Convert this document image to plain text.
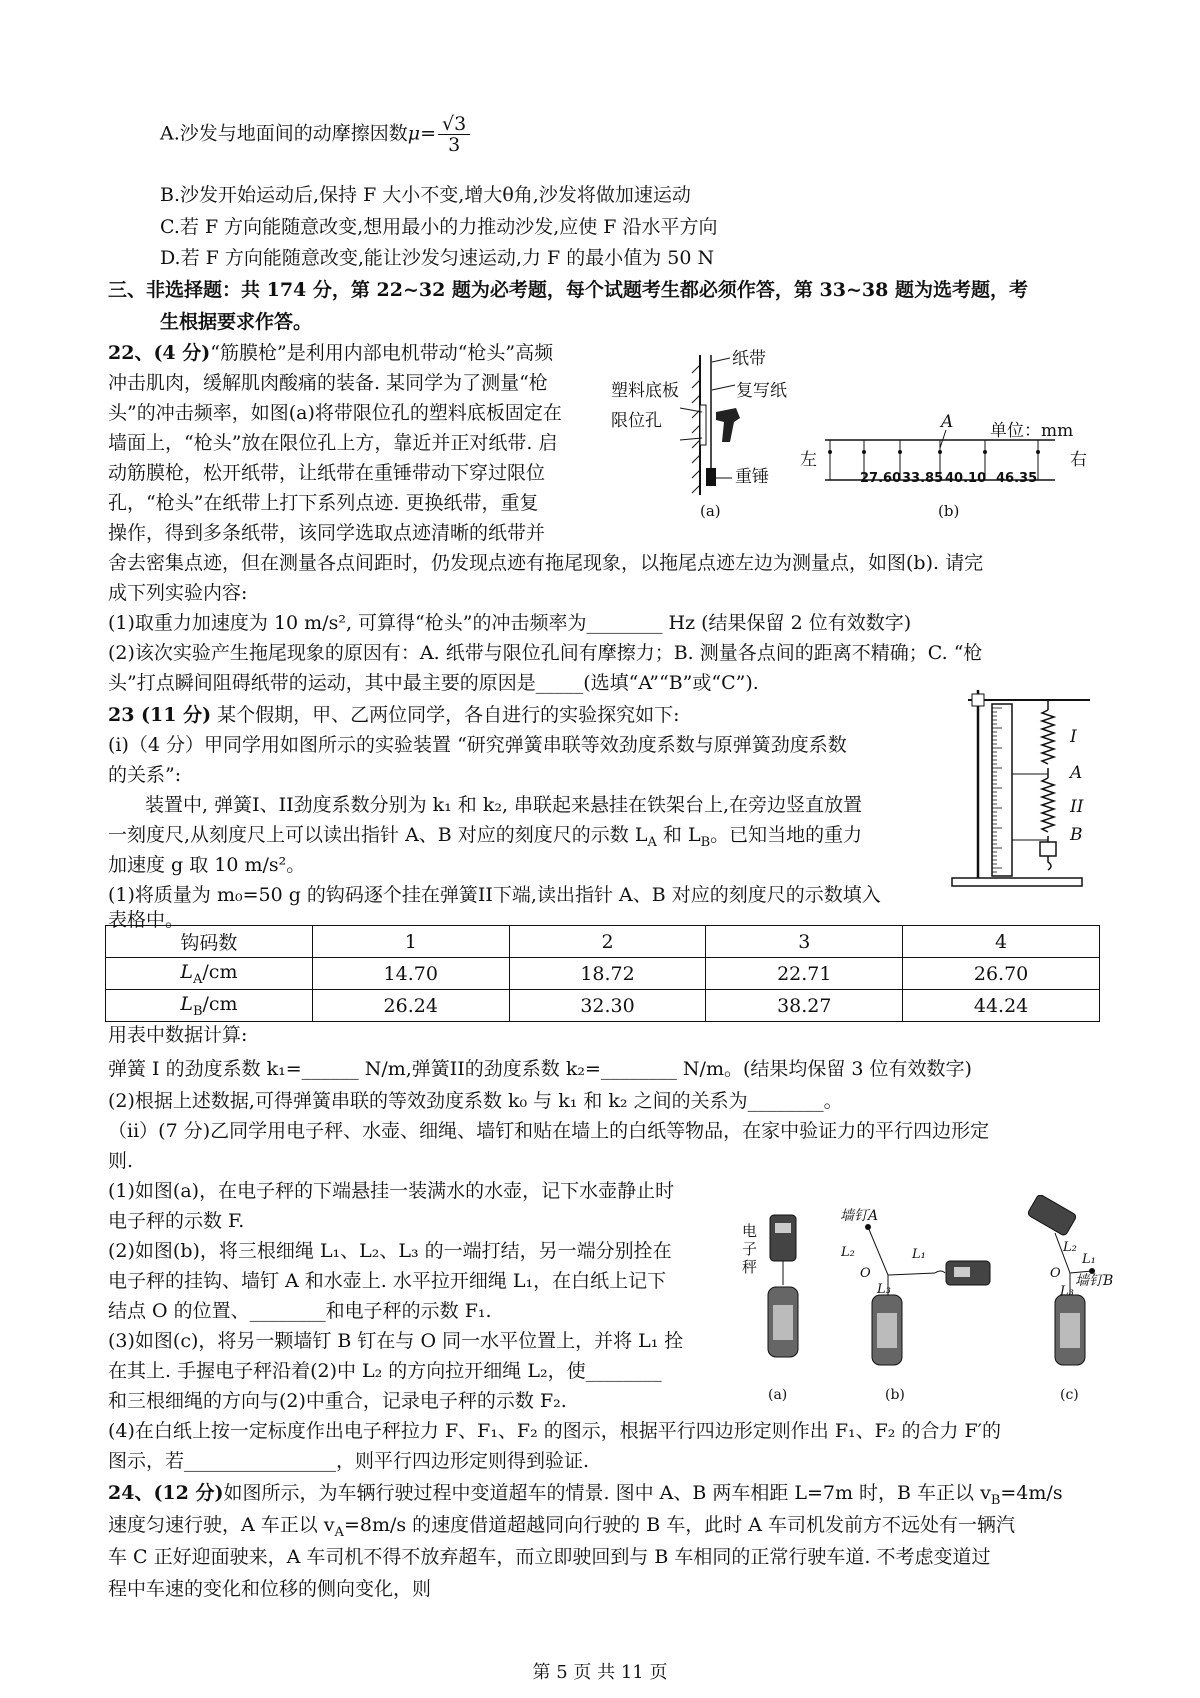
A.沙发与地面间的动摩擦因数$\mu= \frac{√3}{3}$
B.沙发开始运动后,保持 F 大小不变,增大θ角,沙发将做加速运动
C.若 F 方向能随意改变,想用最小的力推动沙发,应使 F 沿水平方向
D.若 F 方向能随意改变,能让沙发匀速运动,力 F 的最小值为 50 N
三、非选择题：共 174 分，第 22~32 题为必考题，每个试题考生都必须作答，第 33~38 题为选考题，考
生根据要求作答。
22、(4 分)“筋膜枪”是利用内部电机带动“枪头”高频
冲击肌肉，缓解肌肉酸痛的装备. 某同学为了测量“枪
头”的冲击频率，如图(a)将带限位孔的塑料底板固定在
墙面上，“枪头”放在限位孔上方，靠近并正对纸带. 启
动筋膜枪，松开纸带，让纸带在重锤带动下穿过限位
孔，“枪头”在纸带上打下系列点迹. 更换纸带，重复
操作，得到多条纸带，该同学选取点迹清晰的纸带并
舍去密集点迹，但在测量各点间距时，仍发现点迹有拖尾现象，以拖尾点迹左边为测量点，如图(b). 请完
成下列实验内容:
(1)取重力加速度为 10 m/s², 可算得“枪头”的冲击频率为________ Hz (结果保留 2 位有效数字)
(2)该次实验产生拖尾现象的原因有：A. 纸带与限位孔间有摩擦力；B. 测量各点间的距离不精确；C. “枪
头”打点瞬间阻碍纸带的运动，其中最主要的原因是_____(选填“A”“B”或“C”).
纸带
塑料底板	复写纸
限位孔
重锤
(a)
A 单位：mm
左	右
27.60 33.85 40.10 46.35
(b)
23 (11 分) 某个假期，甲、乙两位同学，各自进行的实验探究如下:
(i)（4 分）甲同学用如图所示的实验装置 “研究弹簧串联等效劲度系数与原弹簧劲度系数
的关系”:
装置中, 弹簧I、II劲度系数分别为 k₁ 和 k₂, 串联起来悬挂在铁架台上,在旁边竖直放置
一刻度尺,从刻度尺上可以读出指针 A、B 对应的刻度尺的示数 $L_A$ 和 $L_B$。已知当地的重力
加速度 g 取 10 m/s²。
(1)将质量为 m₀=50 g 的钩码逐个挂在弹簧II下端,读出指针 A、B 对应的刻度尺的示数填入
表格中。
I
A
II
B
钩码数	1	2	3	4
$L_A/cm$	14.70	18.72	22.71	26.70
$L_B/cm$	26.24	32.30	38.27	44.24
用表中数据计算:
弹簧 I 的劲度系数 k₁=______ N/m,弹簧II的劲度系数 k₂=________ N/m。(结果均保留 3 位有效数字)
(2)根据上述数据,可得弹簧串联的等效劲度系数 k₀ 与 k₁ 和 k₂ 之间的关系为________。
（ii）(7 分)乙同学用电子秤、水壶、细绳、墙钉和贴在墙上的白纸等物品，在家中验证力的平行四边形定
则.
(1)如图(a)，在电子秤的下端悬挂一装满水的水壶，记下水壶静止时
电子秤的示数 F.
(2)如图(b)，将三根细绳 L₁、L₂、L₃ 的一端打结，另一端分别拴在
电子秤的挂钩、墙钉 A 和水壶上. 水平拉开细绳 L₁，在白纸上记下
结点 O 的位置、________和电子秤的示数 F₁.
(3)如图(c)，将另一颗墙钉 B 钉在与 O 同一水平位置上，并将 L₁ 拴
在其上. 手握电子秤沿着(2)中 L₂ 的方向拉开细绳 L₂，使________
和三根细绳的方向与(2)中重合，记录电子秤的示数 F₂.
(4)在白纸上按一定标度作出电子秤拉力 F、F₁、F₂ 的图示，根据平行四边形定则作出 F₁、F₂ 的合力 F′的
图示，若________________，则平行四边形定则得到验证.
电
子
秤
墙钉A
L₂
O
L₁
L₃
L₂
L₁
O 墙钉B
L₃
(a)	(b)	(c)
24、(12 分)如图所示，为车辆行驶过程中变道超车的情景. 图中 A、B 两车相距 L=7m 时，B 车正以 $v_B=4m/s$
速度匀速行驶，A 车正以 $v_A=8m/s$ 的速度借道超越同向行驶的 B 车，此时 A 车司机发前方不远处有一辆汽
车 C 正好迎面驶来，A 车司机不得不放弃超车，而立即驶回到与 B 车相同的正常行驶车道. 不考虑变道过
程中车速的变化和位移的侧向变化，则
第 5 页 共 11 页
